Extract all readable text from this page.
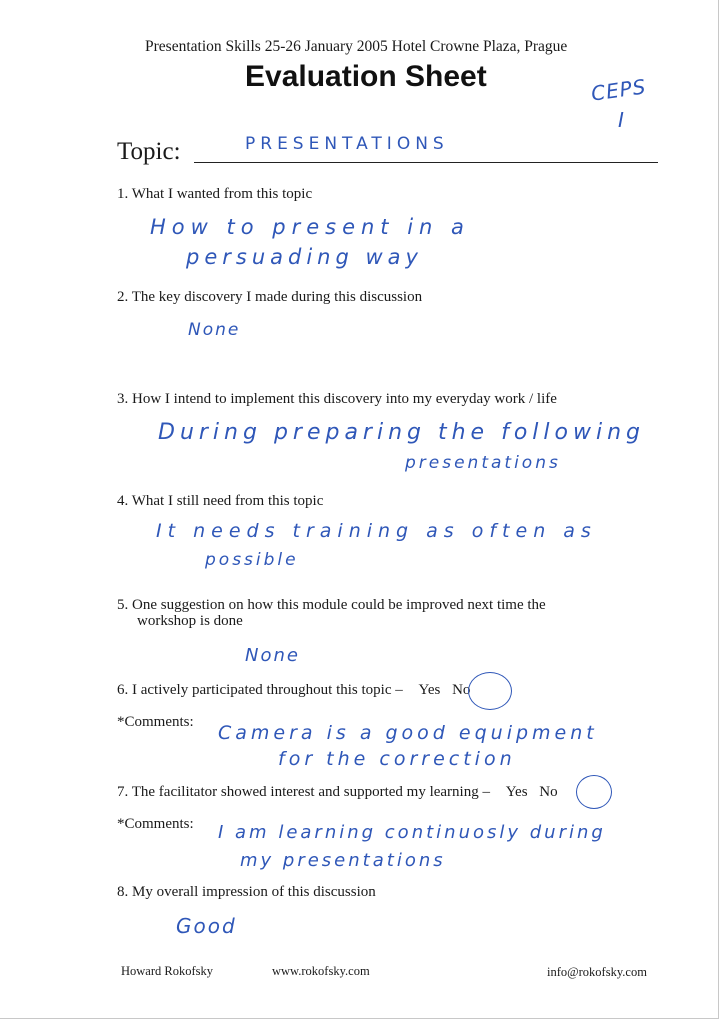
Presentation Skills 25-26 January 2005 Hotel Crowne Plaza, Prague
Evaluation Sheet	CEPS
I
Topic:	PRESENTATIONS
1. What I wanted from this topic
How to present in a
persuading way
2. The key discovery I made during this discussion
None
3. How I intend to implement this discovery into my everyday work / life
During preparing the following
presentations
4. What I still need from this topic
It needs training as often as
possible
5. One suggestion on how this module could be improved next time the
workshop is done
None
6. I actively participated throughout this topic – Yes No
*Comments: Camera is a good equipment
for the correction
7. The facilitator showed interest and supported my learning – Yes No
*Comments: I am learning continuosly during
my presentations
8. My overall impression of this discussion
Good
Howard Rokofsky	www.rokofsky.com	info@rokofsky.com
